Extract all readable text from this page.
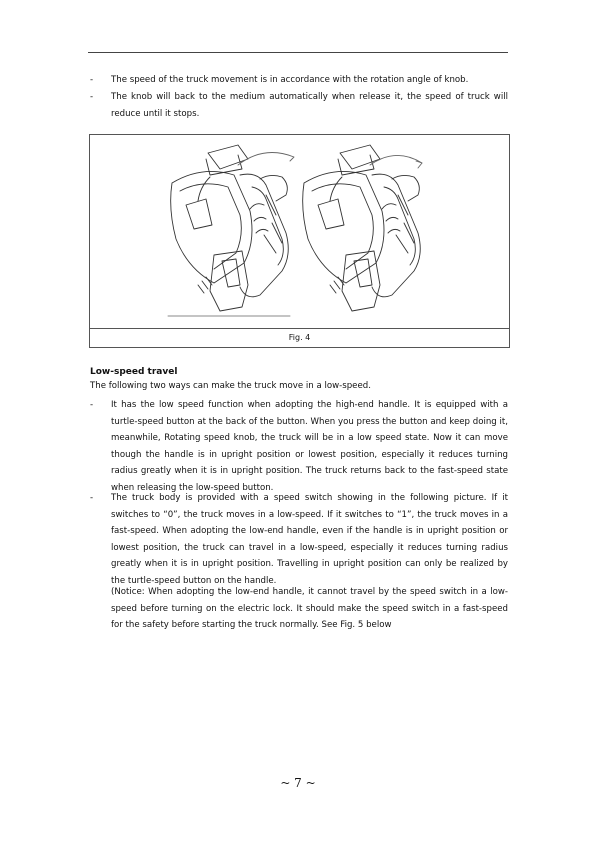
- The speed of the truck movement is in accordance with the rotation angle of knob.
- The knob will back to the medium automatically when release it, the speed of truck will reduce until it stops.
Fig. 4
Low-speed travel
The following two ways can make the truck move in a low-speed.
- It has the low speed function when adopting the high-end handle. It is equipped with a turtle-speed button at the back of the button. When you press the button and keep doing it, meanwhile, Rotating speed knob, the truck will be in a low speed state. Now it can move though the handle is in upright position or lowest position, especially it reduces turning radius greatly when it is in upright position. The truck returns back to the fast-speed state when releasing the low-speed button.
- The truck body is provided with a speed switch showing in the following picture. If it switches to “0”, the truck moves in a low-speed. If it switches to “1”, the truck moves in a fast-speed. When adopting the low-end handle, even if the handle is in upright position or lowest position, the truck can travel in a low-speed, especially it reduces turning radius greatly when it is in upright position. Travelling in upright position can only be realized by the turtle-speed button on the handle.
(Notice: When adopting the low-end handle, it cannot travel by the speed switch in a low-speed before turning on the electric lock. It should make the speed switch in a fast-speed for the safety before starting the truck normally. See Fig. 5 below
~ 7 ~
